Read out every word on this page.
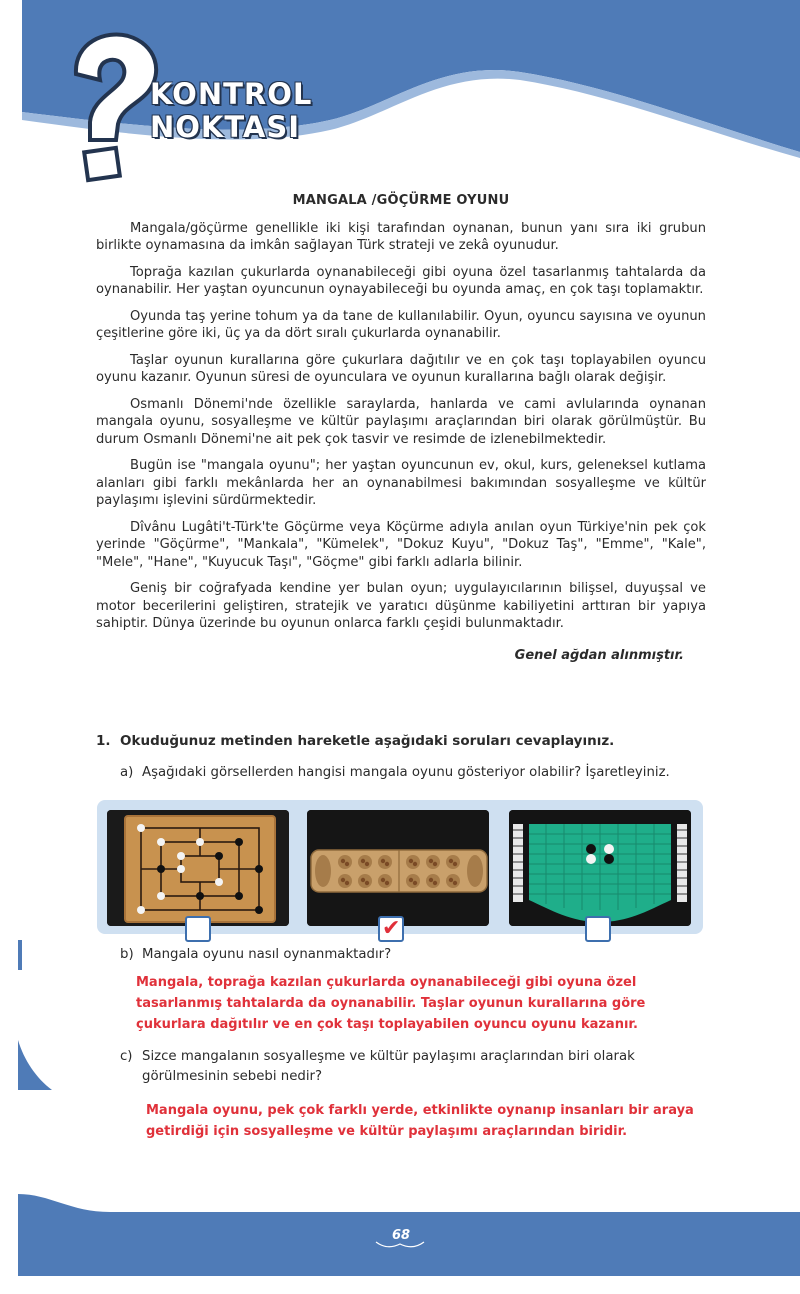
KONTROL
NOKTASI
MANGALA /GÖÇÜRME OYUNU

Mangala/göçürme genellikle iki kişi tarafından oynanan, bunun yanı sıra iki grubun birlikte oynamasına da imkân sağlayan Türk strateji ve zekâ oyunudur.

Toprağa kazılan çukurlarda oynanabileceği gibi oyuna özel tasarlanmış tahtalarda da oynanabilir. Her yaştan oyuncunun oynayabileceği bu oyunda amaç, en çok taşı toplamaktır.

Oyunda taş yerine tohum ya da tane de kullanılabilir. Oyun, oyuncu sayısına ve oyunun çeşitlerine göre iki, üç ya da dört sıralı çukurlarda oynanabilir.

Taşlar oyunun kurallarına göre çukurlara dağıtılır ve en çok taşı toplayabilen oyuncu oyunu kazanır. Oyunun süresi de oyunculara ve oyunun kurallarına bağlı olarak değişir.

Osmanlı Dönemi'nde özellikle saraylarda, hanlarda ve cami avlularında oynanan mangala oyunu, sosyalleşme ve kültür paylaşımı araçlarından biri olarak görülmüştür. Bu durum Osmanlı Dönemi'ne ait pek çok tasvir ve resimde de izlenebilmektedir.

Bugün ise "mangala oyunu"; her yaştan oyuncunun ev, okul, kurs, geleneksel kutlama alanları gibi farklı mekânlarda her an oynanabilmesi bakımından sosyalleşme ve kültür paylaşımı işlevini sürdürmektedir.

Dîvânu Lugâti't-Türk'te Göçürme veya Köçürme adıyla anılan oyun Türkiye'nin pek çok yerinde "Göçürme", "Mankala", "Kümelek", "Dokuz Kuyu", "Dokuz Taş", "Emme", "Kale", "Mele", "Hane", "Kuyucuk Taşı", "Göçme" gibi farklı adlarla bilinir.

Geniş bir coğrafyada kendine yer bulan oyun; uygulayıcılarının bilişsel, duyuşsal ve motor becerilerini geliştiren, stratejik ve yaratıcı düşünme kabiliyetini arttıran bir yapıya sahiptir. Dünya üzerinde bu oyunun onlarca farklı çeşidi bulunmaktadır.

Genel ağdan alınmıştır.
1. Okuduğunuz metinden hareketle aşağıdaki soruları cevaplayınız.
a) Aşağıdaki görsellerden hangisi mangala oyunu gösteriyor olabilir? İşaretleyiniz.
✔
b) Mangala oyunu nasıl oynanmaktadır?
Mangala, toprağa kazılan çukurlarda oynanabileceği gibi oyuna özel tasarlanmış tahtalarda da oynanabilir. Taşlar oyunun kurallarına göre çukurlara dağıtılır ve en çok taşı toplayabilen oyuncu oyunu kazanır.
c) Sizce mangalanın sosyalleşme ve kültür paylaşımı araçlarından biri olarak görülmesinin sebebi nedir?
Mangala oyunu, pek çok farklı yerde, etkinlikte oynanıp insanları bir araya getirdiği için sosyalleşme ve kültür paylaşımı araçlarından biridir.
68
